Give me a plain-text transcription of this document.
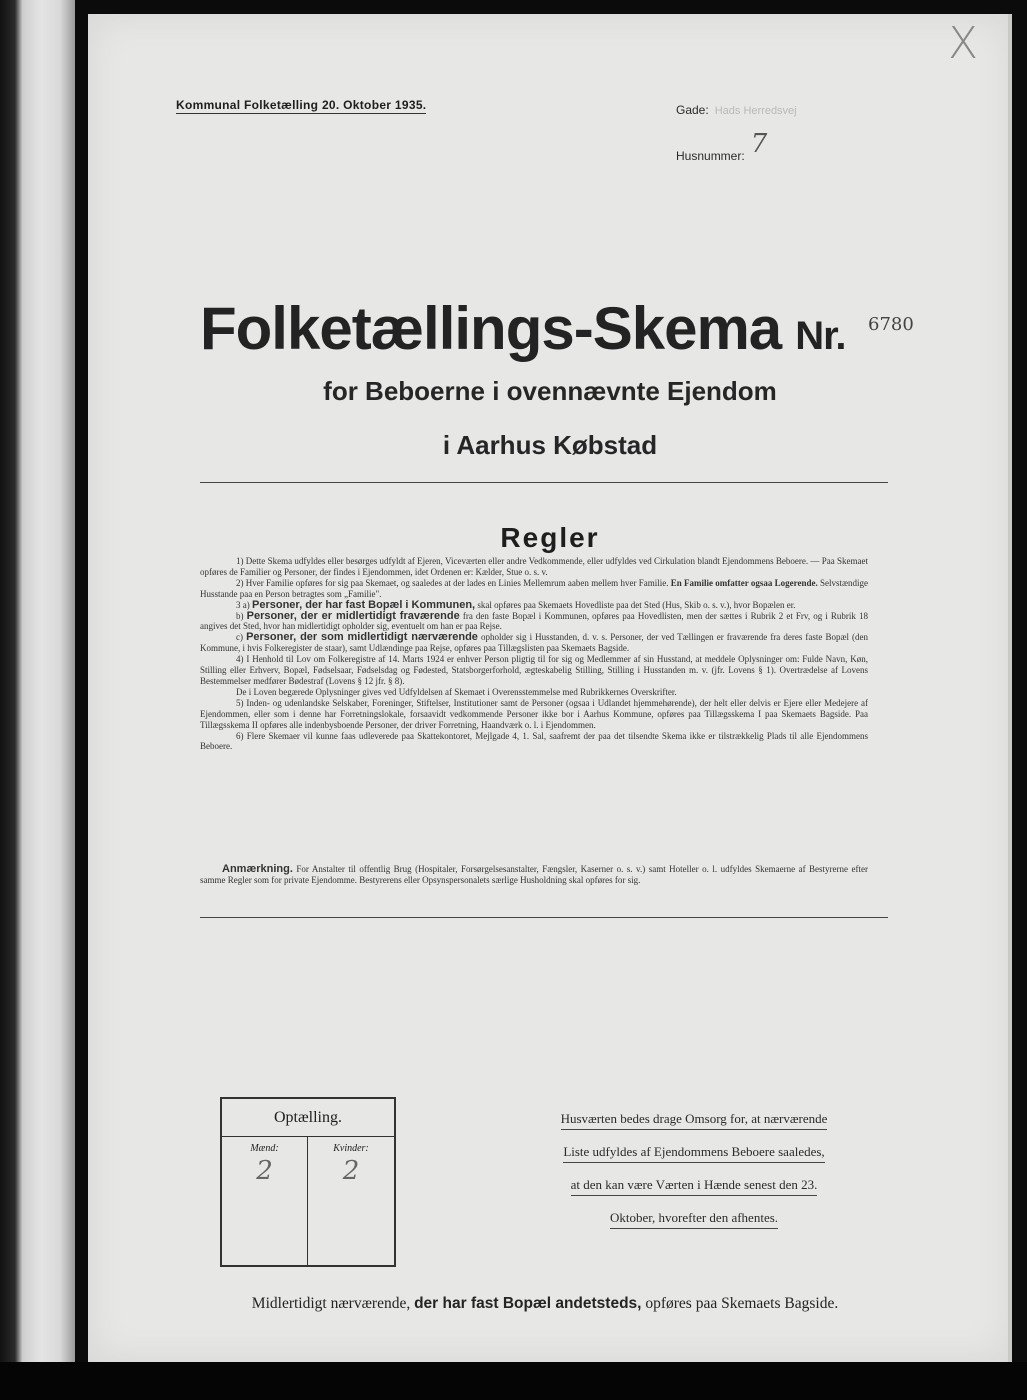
X
Kommunal Folketælling 20. Oktober 1935.	Gade: Hads Herredsvej
Husnummer: 7
Folketællings-Skema Nr. 6780
for Beboerne i ovennævnte Ejendom
i Aarhus Købstad
Regler

1) Dette Skema udfyldes eller besørges udfyldt af Ejeren, Viceværten eller andre Vedkommende, eller udfyldes ved Cirkulation blandt Ejendommens Beboere. — Paa Skemaet opføres de Familier og Personer, der findes i Ejendommen, idet Ordenen er: Kælder, Stue o. s. v.

2) Hver Familie opføres for sig paa Skemaet, og saaledes at der lades en Linies Mellemrum aaben mellem hver Familie. En Familie omfatter ogsaa Logerende. Selvstændige Husstande paa en Person betragtes som „Familie".

3 a) Personer, der har fast Bopæl i Kommunen, skal opføres paa Skemaets Hovedliste paa det Sted (Hus, Skib o. s. v.), hvor Bopælen er.

b) Personer, der er midlertidigt fraværende fra den faste Bopæl i Kommunen, opføres paa Hovedlisten, men der sættes i Rubrik 2 et Frv, og i Rubrik 18 angives det Sted, hvor han midlertidigt opholder sig, eventuelt om han er paa Rejse.

c) Personer, der som midlertidigt nærværende opholder sig i Husstanden, d. v. s. Personer, der ved Tællingen er fraværende fra deres faste Bopæl (den Kommune, i hvis Folkeregister de staar), samt Udlændinge paa Rejse, opføres paa Tillægslisten paa Skemaets Bagside.

4) I Henhold til Lov om Folkeregistre af 14. Marts 1924 er enhver Person pligtig til for sig og Medlemmer af sin Husstand, at meddele Oplysninger om: Fulde Navn, Køn, Stilling eller Erhverv, Bopæl, Fødselsaar, Fødselsdag og Fødested, Statsborgerforhold, ægteskabelig Stilling, Stilling i Husstanden m. v. (jfr. Lovens § 1). Overtrædelse af Lovens Bestemmelser medfører Bødestraf (Lovens § 12 jfr. § 8).

De i Loven begærede Oplysninger gives ved Udfyldelsen af Skemaet i Overensstemmelse med Rubrikkernes Overskrifter.

5) Inden- og udenlandske Selskaber, Foreninger, Stiftelser, Institutioner samt de Personer (ogsaa i Udlandet hjemmehørende), der helt eller delvis er Ejere eller Medejere af Ejendommen, eller som i denne har Forretningslokale, forsaavidt vedkommende Personer ikke bor i Aarhus Kommune, opføres paa Tillægsskema I paa Skemaets Bagside. Paa Tillægsskema II opføres alle indenbysboende Personer, der driver Forretning, Haandværk o. l. i Ejendommen.

6) Flere Skemaer vil kunne faas udleverede paa Skattekontoret, Mejlgade 4, 1. Sal, saafremt der paa det tilsendte Skema ikke er tilstrækkelig Plads til alle Ejendommens Beboere.

Anmærkning. For Anstalter til offentlig Brug (Hospitaler, Forsørgelsesanstalter, Fængsler, Kaserner o. s. v.) samt Hoteller o. l. udfyldes Skemaerne af Bestyrerne efter samme Regler som for private Ejendomme. Bestyrerens eller Opsynspersonalets særlige Husholdning skal opføres for sig.
Optælling.
Mænd:
2
Kvinder:
2
Husværten bedes drage Omsorg for, at nærværende
Liste udfyldes af Ejendommens Beboere saaledes,
at den kan være Værten i Hænde senest den 23.
Oktober, hvorefter den afhentes.
Midlertidigt nærværende, der har fast Bopæl andetsteds, opføres paa Skemaets Bagside.
